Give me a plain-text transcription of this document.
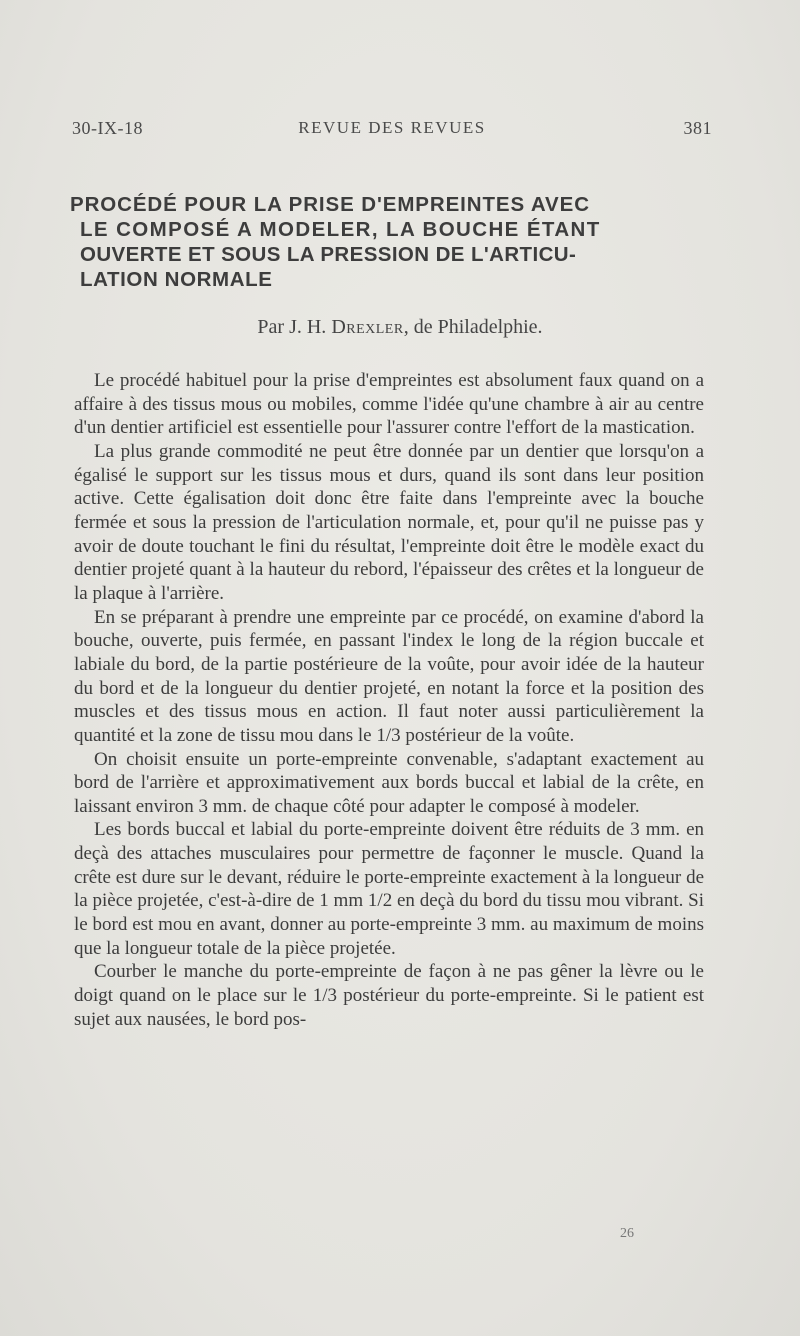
30-IX-18	REVUE DES REVUES	381
PROCÉDÉ POUR LA PRISE D'EMPREINTES AVEC
LE COMPOSÉ A MODELER, LA BOUCHE ÉTANT
OUVERTE ET SOUS LA PRESSION DE L'ARTICU-
LATION NORMALE
Par J. H. Drexler, de Philadelphie.

Le procédé habituel pour la prise d'empreintes est absolument faux quand on a affaire à des tissus mous ou mobiles, comme l'idée qu'une chambre à air au centre d'un dentier artificiel est essentielle pour l'assurer contre l'effort de la mastication.

La plus grande commodité ne peut être donnée par un dentier que lorsqu'on a égalisé le support sur les tissus mous et durs, quand ils sont dans leur position active. Cette égalisation doit donc être faite dans l'empreinte avec la bouche fermée et sous la pression de l'articulation normale, et, pour qu'il ne puisse pas y avoir de doute touchant le fini du résultat, l'empreinte doit être le modèle exact du dentier projeté quant à la hauteur du rebord, l'épaisseur des crêtes et la longueur de la plaque à l'arrière.

En se préparant à prendre une empreinte par ce procédé, on examine d'abord la bouche, ouverte, puis fermée, en passant l'index le long de la région buccale et labiale du bord, de la partie postérieure de la voûte, pour avoir idée de la hauteur du bord et de la longueur du dentier projeté, en notant la force et la position des muscles et des tissus mous en action. Il faut noter aussi particulièrement la quantité et la zone de tissu mou dans le 1/3 postérieur de la voûte.

On choisit ensuite un porte-empreinte convenable, s'adaptant exactement au bord de l'arrière et approximativement aux bords buccal et labial de la crête, en laissant environ 3 mm. de chaque côté pour adapter le composé à modeler.

Les bords buccal et labial du porte-empreinte doivent être réduits de 3 mm. en deçà des attaches musculaires pour permettre de façonner le muscle. Quand la crête est dure sur le devant, réduire le porte-empreinte exactement à la longueur de la pièce projetée, c'est-à-dire de 1 mm 1/2 en deçà du bord du tissu mou vibrant. Si le bord est mou en avant, donner au porte-empreinte 3 mm. au maximum de moins que la longueur totale de la pièce projetée.

Courber le manche du porte-empreinte de façon à ne pas gêner la lèvre ou le doigt quand on le place sur le 1/3 postérieur du porte-empreinte. Si le patient est sujet aux nausées, le bord pos-

26
